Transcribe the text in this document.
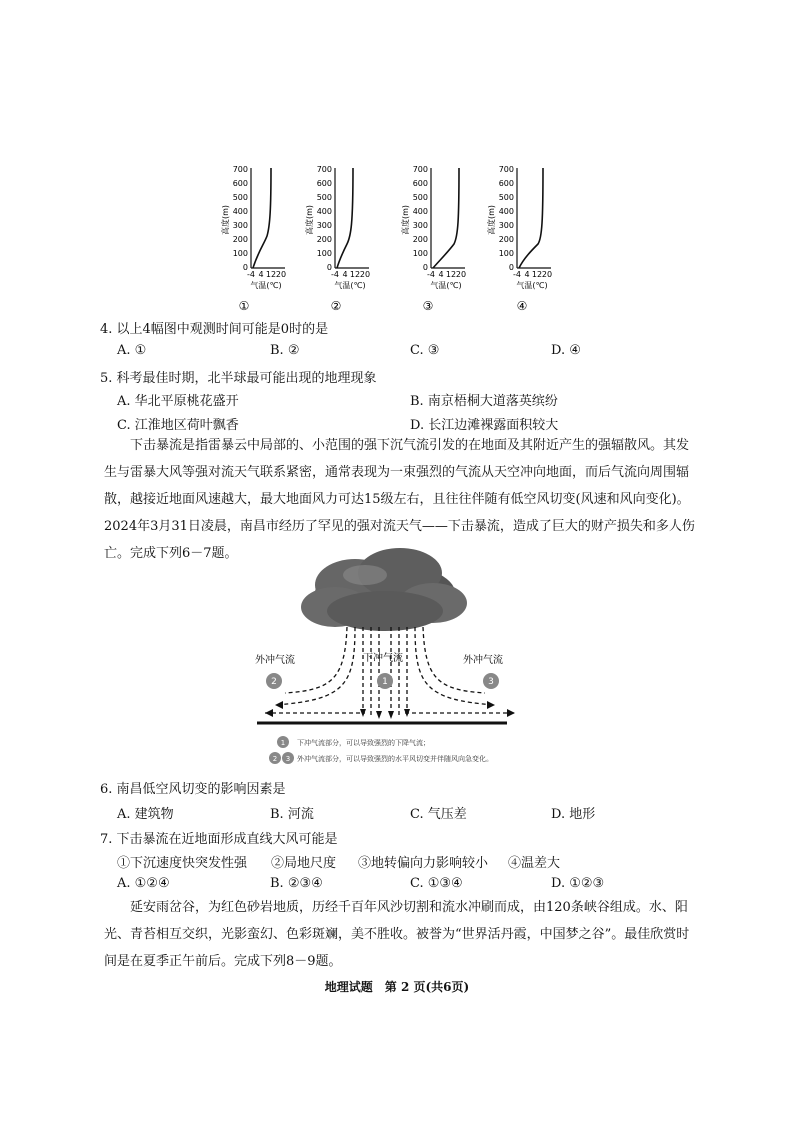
高度(m)
700
600
500
400
300
200
100
0
-4 4 12 20
气温(℃)
①
高度(m)
700
600
500
400
300
200
100
0
-4 4 12 20
气温(℃)
②
高度(m)
700
600
500
400
300
200
100
0
-4 4 12 20
气温(℃)
③
高度(m)
700
600
500
400
300
200
100
0
-4 4 12 20
气温(℃)
④
4. 以上4幅图中观测时间可能是0时的是
A. ①	B. ②	C. ③	D. ④
5. 科考最佳时期，北半球最可能出现的地理现象
A. 华北平原桃花盛开	B. 南京梧桐大道落英缤纷
C. 江淮地区荷叶飘香	D. 长江边滩裸露面积较大
下击暴流是指雷暴云中局部的、小范围的强下沉气流引发的在地面及其附近产生的强辐散风。其发生与雷暴大风等强对流天气联系紧密，通常表现为一束强烈的气流从天空冲向地面，而后气流向周围辐散，越接近地面风速越大，最大地面风力可达15级左右，且往往伴随有低空风切变(风速和风向变化)。2024年3月31日凌晨，南昌市经历了罕见的强对流天气——下击暴流，造成了巨大的财产损失和多人伤亡。完成下列6－7题。
外冲气流	下冲气流	外冲气流
2	1	3
1 下冲气流部分，可以导致强烈的下降气流；
2 3 外冲气流部分，可以导致强烈的水平风切变并伴随风向急变化。
6. 南昌低空风切变的影响因素是
A. 建筑物	B. 河流	C. 气压差	D. 地形
7. 下击暴流在近地面形成直线大风可能是
①下沉速度快突发性强 ②局地尺度 ③地转偏向力影响较小 ④温差大
A. ①②④	B. ②③④	C. ①③④	D. ①②③
延安雨岔谷，为红色砂岩地质，历经千百年风沙切割和流水冲刷而成，由120条峡谷组成。水、阳光、青苔相互交织，光影蛮幻、色彩斑斓，美不胜收。被誉为“世界活丹霞，中国梦之谷”。最佳欣赏时间是在夏季正午前后。完成下列8－9题。
地理试题　第 2 页(共6页)
